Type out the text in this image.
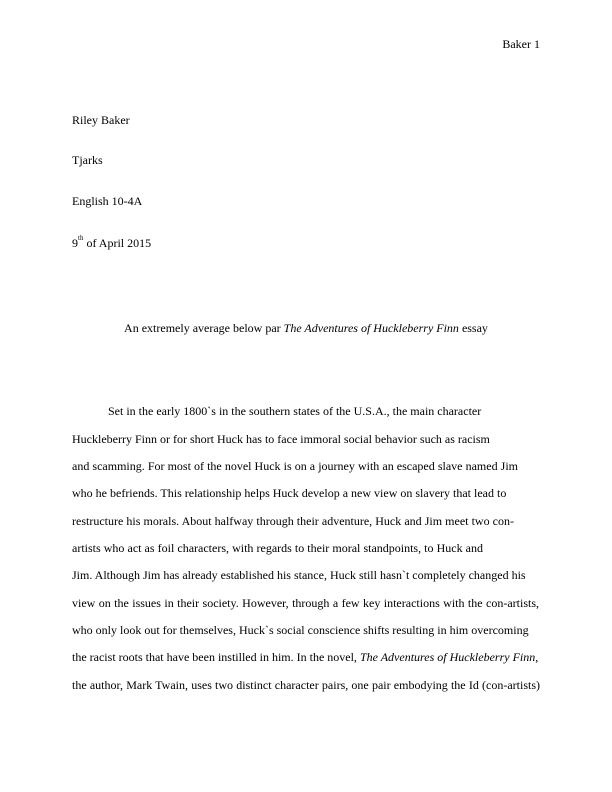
Baker 1
Riley Baker
Tjarks
English 10-4A
9th of April 2015
An extremely average below par The Adventures of Huckleberry Finn essay
Set in the early 1800`s in the southern states of the U.S.A., the main character
Huckleberry Finn or for short Huck has to face immoral social behavior such as racism
and scamming. For most of the novel Huck is on a journey with an escaped slave named Jim
who he befriends. This relationship helps Huck develop a new view on slavery that lead to
restructure his morals. About halfway through their adventure, Huck and Jim meet two con-
artists who act as foil characters, with regards to their moral standpoints, to Huck and
Jim. Although Jim has already established his stance, Huck still hasn`t completely changed his
view on the issues in their society. However, through a few key interactions with the con-artists,
who only look out for themselves, Huck`s social conscience shifts resulting in him overcoming
the racist roots that have been instilled in him. In the novel, The Adventures of Huckleberry Finn,
the author, Mark Twain, uses two distinct character pairs, one pair embodying the Id (con-artists)
